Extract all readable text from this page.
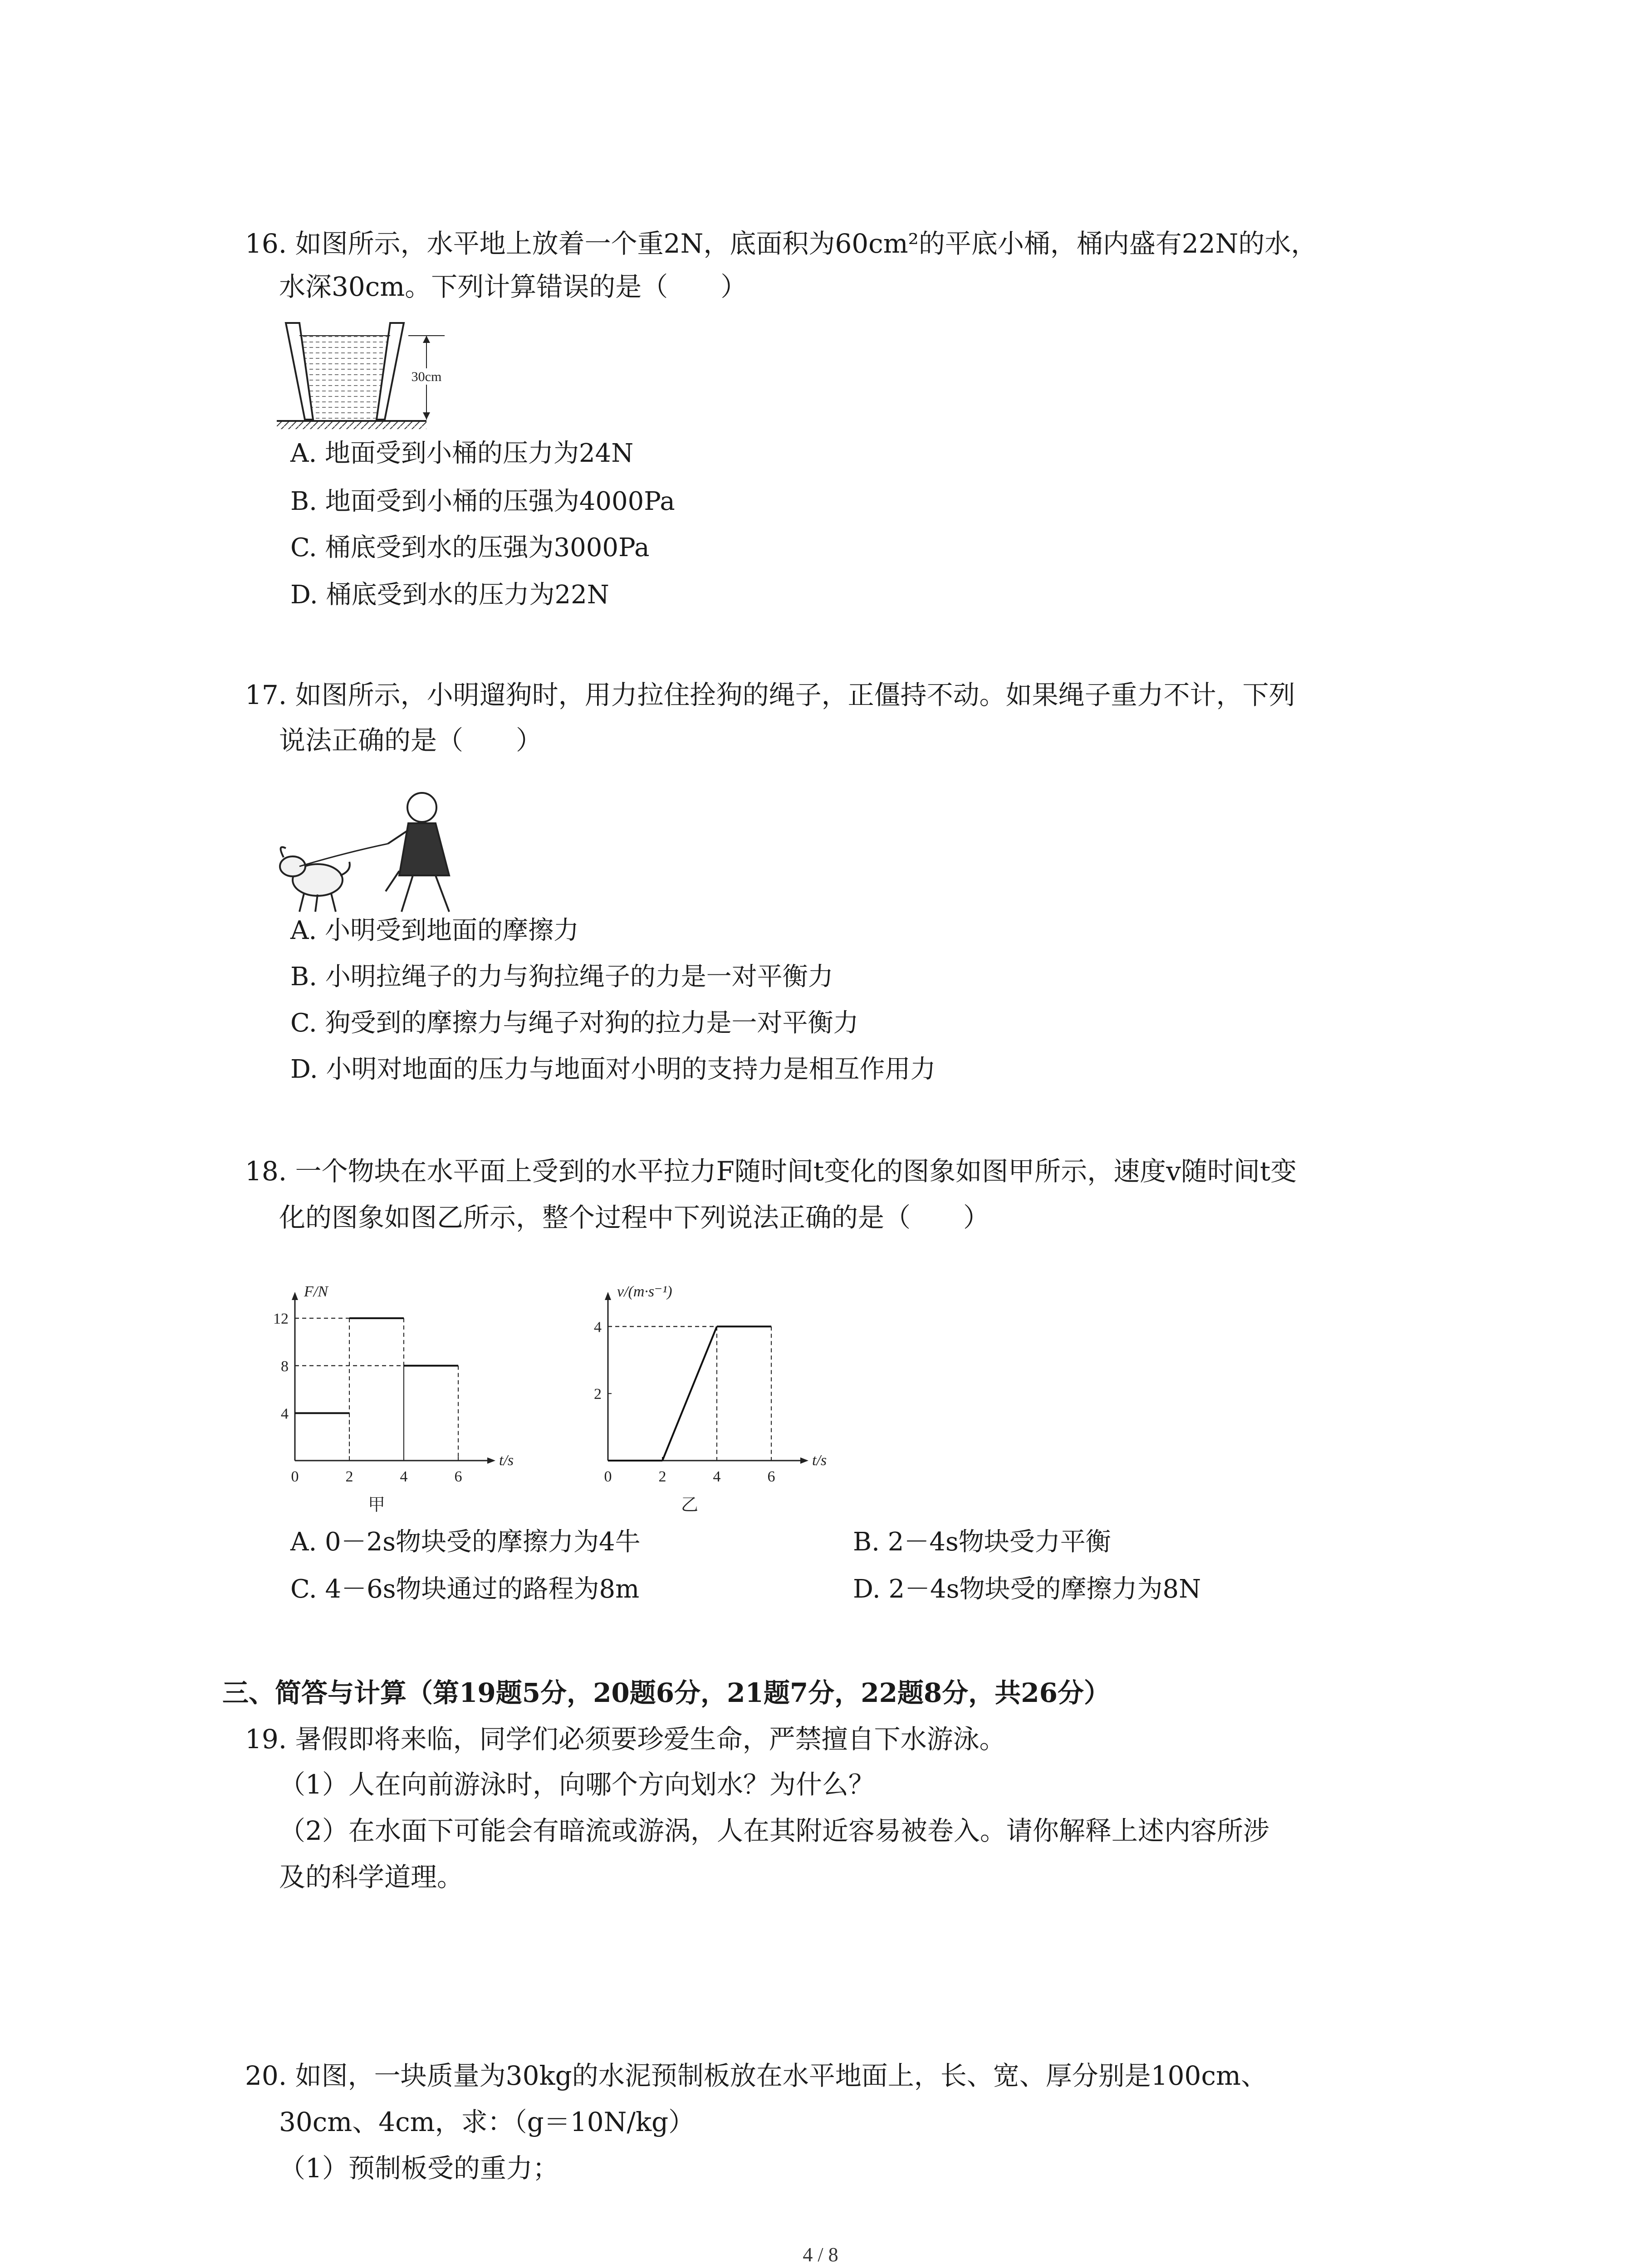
16. 如图所示，水平地上放着一个重2N，底面积为60cm²的平底小桶，桶内盛有22N的水，
水深30cm。下列计算错误的是（　　）
30cm
A. 地面受到小桶的压力为24N
B. 地面受到小桶的压强为4000Pa
C. 桶底受到水的压强为3000Pa
D. 桶底受到水的压力为22N
17. 如图所示，小明遛狗时，用力拉住拴狗的绳子，正僵持不动。如果绳子重力不计，下列
说法正确的是（　　）
A. 小明受到地面的摩擦力
B. 小明拉绳子的力与狗拉绳子的力是一对平衡力
C. 狗受到的摩擦力与绳子对狗的拉力是一对平衡力
D. 小明对地面的压力与地面对小明的支持力是相互作用力
18. 一个物块在水平面上受到的水平拉力F随时间t变化的图象如图甲所示，速度v随时间t变
化的图象如图乙所示，整个过程中下列说法正确的是（　　）
F/N
t/s
0	2	4	6
4
8
12
甲
v/(m·s⁻¹)
t/s
0	2	4	6
2
4
乙
A. 0－2s物块受的摩擦力为4牛	B. 2－4s物块受力平衡
C. 4－6s物块通过的路程为8m	D. 2－4s物块受的摩擦力为8N
三、简答与计算（第19题5分，20题6分，21题7分，22题8分，共26分）
19. 暑假即将来临，同学们必须要珍爱生命，严禁擅自下水游泳。
（1）人在向前游泳时，向哪个方向划水？为什么？
（2）在水面下可能会有暗流或游涡，人在其附近容易被卷入。请你解释上述内容所涉
及的科学道理。
20. 如图，一块质量为30kg的水泥预制板放在水平地面上，长、宽、厚分别是100cm、
30cm、4cm，求：（g＝10N/kg）
（1）预制板受的重力；
4 / 8
